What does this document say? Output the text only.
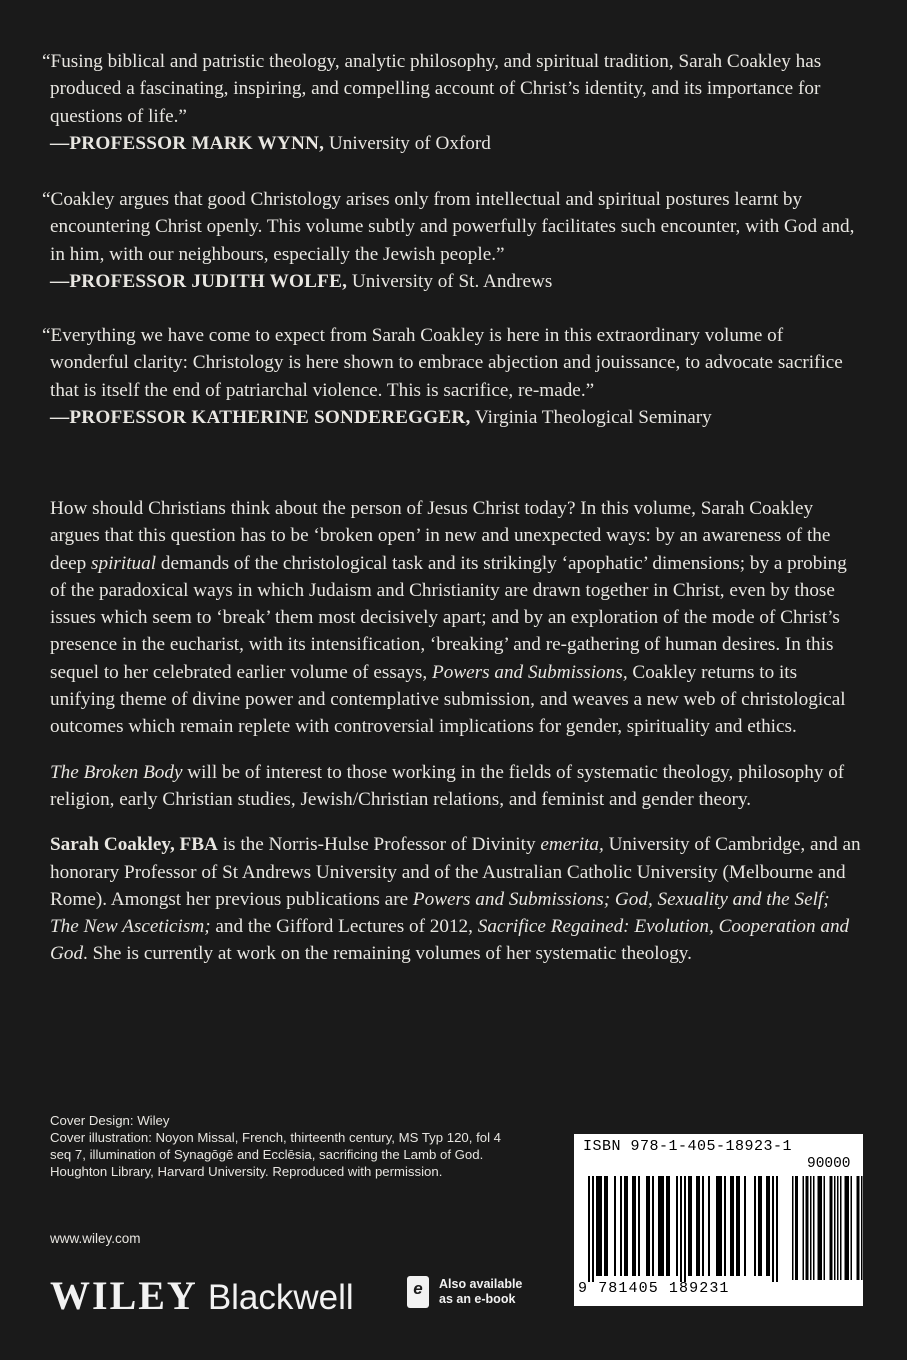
“Fusing biblical and patristic theology, analytic philosophy, and spiritual tradition, Sarah Coakley has produced a fascinating, inspiring, and compelling account of Christ’s identity, and its importance for questions of life.”

—PROFESSOR MARK WYNN, University of Oxford

“Coakley argues that good Christology arises only from intellectual and spiritual postures learnt by encountering Christ openly. This volume subtly and powerfully facilitates such encounter, with God and, in him, with our neighbours, especially the Jewish people.”

—PROFESSOR JUDITH WOLFE, University of St. Andrews

“Everything we have come to expect from Sarah Coakley is here in this extraordinary volume of wonderful clarity: Christology is here shown to embrace abjection and jouissance, to advocate sacrifice that is itself the end of patriarchal violence. This is sacrifice, re-made.”

—PROFESSOR KATHERINE SONDEREGGER, Virginia Theological Seminary

How should Christians think about the person of Jesus Christ today? In this volume, Sarah Coakley argues that this question has to be ‘broken open’ in new and unexpected ways: by an awareness of the deep spiritual demands of the christological task and its strikingly ‘apophatic’ dimensions; by a probing of the paradoxical ways in which Judaism and Christianity are drawn together in Christ, even by those issues which seem to ‘break’ them most decisively apart; and by an exploration of the mode of Christ’s presence in the eucharist, with its intensification, ‘breaking’ and re-gathering of human desires. In this sequel to her celebrated earlier volume of essays, Powers and Submissions, Coakley returns to its unifying theme of divine power and contemplative submission, and weaves a new web of christological outcomes which remain replete with controversial implications for gender, spirituality and ethics.

The Broken Body will be of interest to those working in the fields of systematic theology, philosophy of religion, early Christian studies, Jewish/Christian relations, and feminist and gender theory.

Sarah Coakley, FBA is the Norris-Hulse Professor of Divinity emerita, University of Cambridge, and an honorary Professor of St Andrews University and of the Australian Catholic University (Melbourne and Rome). Amongst her previous publications are Powers and Submissions; God, Sexuality and the Self; The New Asceticism; and the Gifford Lectures of 2012, Sacrifice Regained: Evolution, Cooperation and God. She is currently at work on the remaining volumes of her systematic theology.

Cover Design: Wiley
Cover illustration: Noyon Missal, French, thirteenth century, MS Typ 120, fol 4 seq 7, illumination of Synagōgē and Ecclēsia, sacrificing the Lamb of God. Houghton Library, Harvard University. Reproduced with permission.
www.wiley.com
WILEY Blackwell	e	Also available
as an e-book
ISBN 978-1-405-18923-1
90000
9 781405 189231
